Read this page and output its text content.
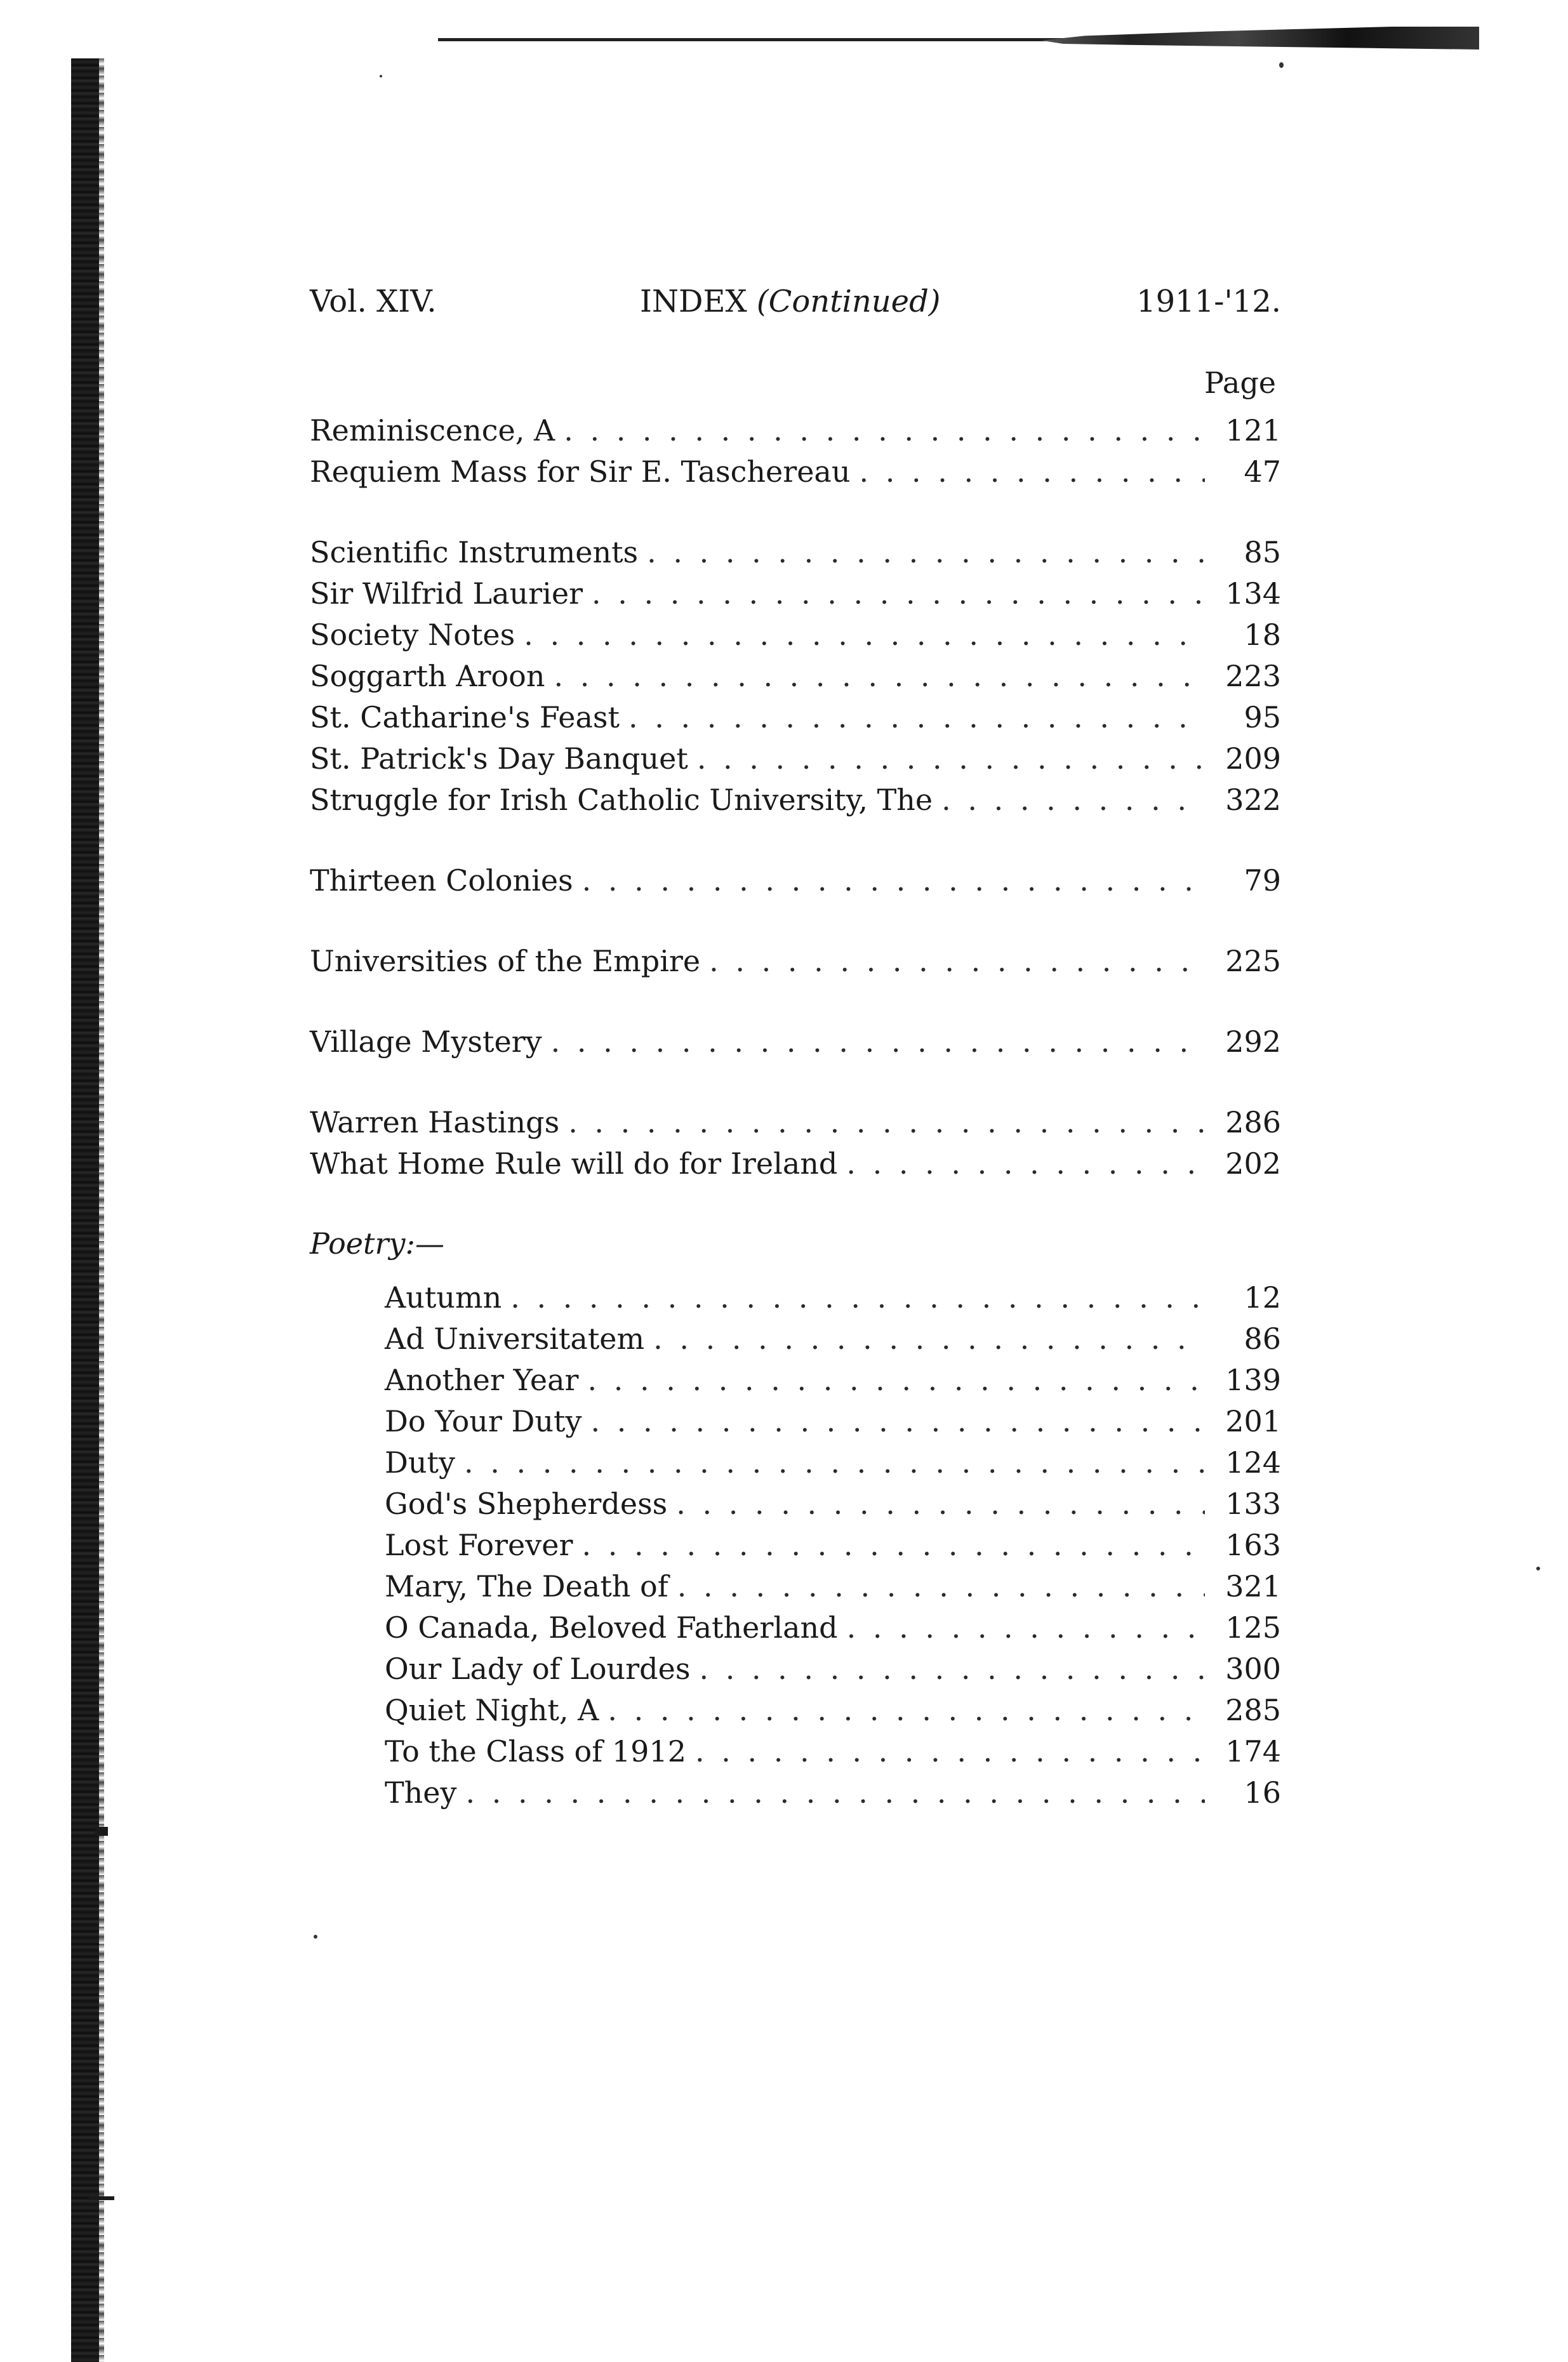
Vol. XIV.	INDEX (Continued)	1911-'12.
Page
Reminiscence, A . . .	121
Requiem Mass for Sir E. Taschereau . . .	47
Scientific Instruments . . .	85
Sir Wilfrid Laurier . . .	134
Society Notes . . .	18
Soggarth Aroon . . .	223
St. Catharine's Feast . . .	95
St. Patrick's Day Banquet . . .	209
Struggle for Irish Catholic University, The . . .	322
Thirteen Colonies . . .	79
Universities of the Empire . . .	225
Village Mystery . . .	292
Warren Hastings . . .	286
What Home Rule will do for Ireland . . .	202
Poetry:—
Autumn . . .	12
Ad Universitatem . . .	86
Another Year . . .	139
Do Your Duty . . .	201
Duty . . .	124
God's Shepherdess . . .	133
Lost Forever . . .	163
Mary, The Death of . . .	321
O Canada, Beloved Fatherland . . .	125
Our Lady of Lourdes . . .	300
Quiet Night, A . . .	285
To the Class of 1912 . . .	174
They . . .	16
